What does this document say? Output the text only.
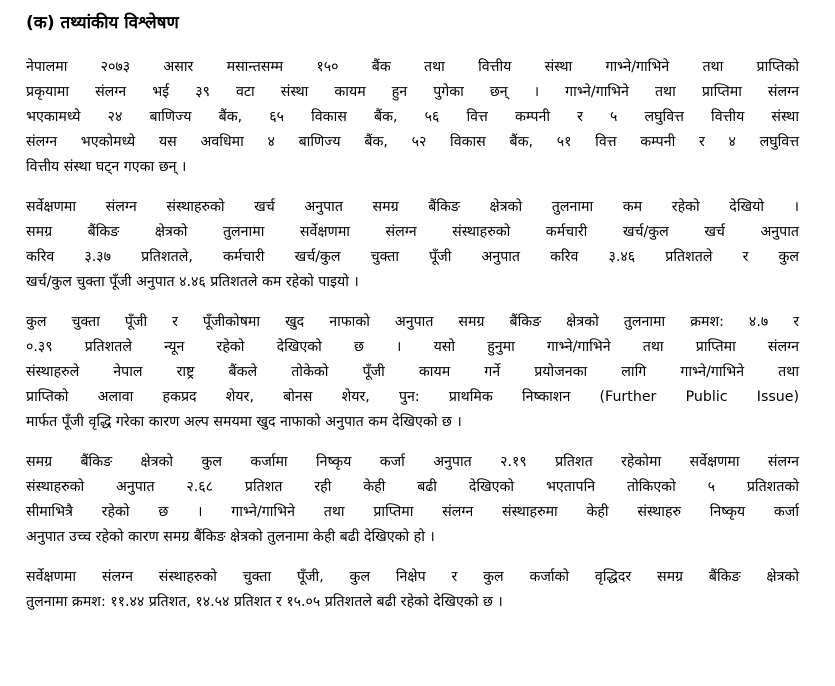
(क) तथ्यांकीय विश्लेषण
नेपालमा २०७३ असार मसान्तसम्म १५० बैंक तथा वित्तीय संस्था गाभ्ने/गाभिने तथा प्राप्तिको
प्रकृयामा संलग्न भई ३९ वटा संस्था कायम हुन पुगेका छन् । गाभ्ने/गाभिने तथा प्राप्तिमा संलग्न
भएकामध्ये २४ बाणिज्य बैंक, ६५ विकास बैंक, ५६ वित्त कम्पनी र ५ लघुवित्त वित्तीय संस्था
संलग्न भएकोमध्ये यस अवधिमा ४ बाणिज्य बैंक, ५२ विकास बैंक, ५१ वित्त कम्पनी र ४ लघुवित्त
वित्तीय संस्था घट्न गएका छन् ।
सर्वेक्षणमा संलग्न संस्थाहरुको खर्च अनुपात समग्र बैंकिङ क्षेत्रको तुलनामा कम रहेको देखियो ।
समग्र बैंकिङ क्षेत्रको तुलनामा सर्वेक्षणमा संलग्न संस्थाहरुको कर्मचारी खर्च/कुल खर्च अनुपात
करिव ३.३७ प्रतिशतले, कर्मचारी खर्च/कुल चुक्ता पूँजी अनुपात करिव ३.४६ प्रतिशतले र कुल
खर्च/कुल चुक्ता पूँजी अनुपात ४.४६ प्रतिशतले कम रहेको पाइयो ।
कुल चुक्ता पूँजी र पूँजीकोषमा खुद नाफाको अनुपात समग्र बैंकिङ क्षेत्रको तुलनामा क्रमश: ४.७ र
०.३९ प्रतिशतले न्यून रहेको देखिएको छ । यसो हुनुमा गाभ्ने/गाभिने तथा प्राप्तिमा संलग्न
संस्थाहरुले नेपाल राष्ट्र बैंकले तोकेको पूँजी कायम गर्ने प्रयोजनका लागि गाभ्ने/गाभिने तथा
प्राप्तिको अलावा हकप्रद शेयर, बोनस शेयर, पुन: प्राथमिक निष्काशन (Further Public Issue)
मार्फत पूँजी वृद्धि गरेका कारण अल्प समयमा खुद नाफाको अनुपात कम देखिएको छ ।
समग्र बैंकिङ क्षेत्रको कुल कर्जामा निष्कृय कर्जा अनुपात २.१९ प्रतिशत रहेकोमा सर्वेक्षणमा संलग्न
संस्थाहरुको अनुपात २.६८ प्रतिशत रही केही बढी देखिएको भएतापनि तोकिएको ५ प्रतिशतको
सीमाभित्रै रहेको छ । गाभ्ने/गाभिने तथा प्राप्तिमा संलग्न संस्थाहरुमा केही संस्थाहरु निष्कृय कर्जा
अनुपात उच्च रहेको कारण समग्र बैंकिङ क्षेत्रको तुलनामा केही बढी देखिएको हो ।
सर्वेक्षणमा संलग्न संस्थाहरुको चुक्ता पूँजी, कुल निक्षेप र कुल कर्जाको वृद्धिदर समग्र बैंकिङ क्षेत्रको
तुलनामा क्रमश: ११.४४ प्रतिशत, १४.५४ प्रतिशत र १५.०५ प्रतिशतले बढी रहेको देखिएको छ ।
